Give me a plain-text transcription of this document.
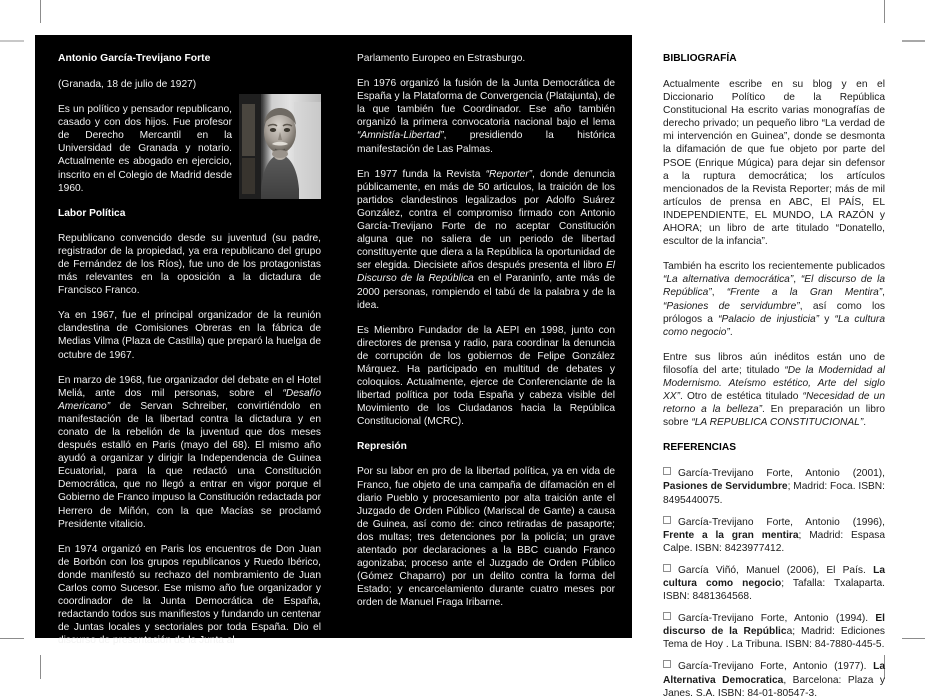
Antonio García-Trevijano Forte
(Granada, 18 de julio de 1927)
Es un político y pensador republicano, casado y con dos hijos. Fue profesor de Derecho Mercantil en la Universidad de Granada y notario. Actualmente es abogado en ejercicio, inscrito en el Colegio de Madrid desde 1960.
Labor Política
Republicano convencido desde su juventud (su padre, registrador de la propiedad, ya era republicano del grupo de Fernández de los Ríos), fue uno de los protagonistas más relevantes en la oposición a la dictadura de Francisco Franco.
Ya en 1967, fue el principal organizador de la reunión clandestina de Comisiones Obreras en la fábrica de Medias Vilma (Plaza de Castilla) que preparó la huelga de octubre de 1967.
En marzo de 1968, fue organizador del debate en el Hotel Meliá, ante dos mil personas, sobre el “Desafío Americano” de Servan Schreiber, convirtiéndolo en manifestación de la libertad contra la dictadura y en conato de la rebelión de la juventud que dos meses después estalló en Paris (mayo del 68). El mismo año ayudó a organizar y dirigir la Independencia de Guinea Ecuatorial, para la que redactó una Constitución Democrática, que no llegó a entrar en vigor porque el Gobierno de Franco impuso la Constitución redactada por Herrero de Miñón, con la que Macías se proclamó Presidente vitalicio.
En 1974 organizó en Paris los encuentros de Don Juan de Borbón con los grupos republicanos y Ruedo Ibérico, donde manifestó su rechazo del nombramiento de Juan Carlos como Sucesor. Ese mismo año fue organizador y coordinador de la Junta Democrática de España, redactando todos sus manifiestos y fundando un centenar de Juntas locales y sectoriales por toda España. Dio el discurso de presentación de la Junta al
Parlamento Europeo en Estrasburgo.
En 1976 organizó la fusión de la Junta Democrática de España y la Plataforma de Convergencia (Platajunta), de la que también fue Coordinador. Ese año también organizó la primera convocatoria nacional bajo el lema “Amnistía-Libertad”, presidiendo la histórica manifestación de Las Palmas.
En 1977 funda la Revista “Reporter”, donde denuncia públicamente, en más de 50 articulos, la traición de los partidos clandestinos legalizados por Adolfo Suárez González, contra el compromiso firmado con Antonio García-Trevijano Forte de no aceptar Constitución alguna que no saliera de un periodo de libertad constituyente que diera a la República la oportunidad de ser elegida. Diecisiete años después presenta el libro El Discurso de la República en el Paraninfo, ante más de 2000 personas, rompiendo el tabú de la palabra y de la idea.
Es Miembro Fundador de la AEPI en 1998, junto con directores de prensa y radio, para coordinar la denuncia de corrupción de los gobiernos de Felipe González Márquez. Ha participado en multitud de debates y coloquios. Actualmente, ejerce de Conferenciante de la libertad política por toda España y cabeza visible del Movimiento de los Ciudadanos hacia la República Constitucional (MCRC).
Represión
Por su labor en pro de la libertad política, ya en vida de Franco, fue objeto de una campaña de difamación en el diario Pueblo y procesamiento por alta traición ante el Juzgado de Orden Público (Mariscal de Gante) a causa de Guinea, así como de: cinco retiradas de pasaporte; dos multas; tres detenciones por la policía; un grave atentado por declaraciones a la BBC cuando Franco agonizaba; proceso ante el Juzgado de Orden Público (Gómez Chaparro) por un delito contra la forma del Estado; y encarcelamiento durante cuatro meses por orden de Manuel Fraga Iribarne.
BIBLIOGRAFÍA
Actualmente escribe en su blog y en el Diccionario Político de la República Constitucional Ha escrito varias monografías de derecho privado; un pequeño libro “La verdad de mi intervención en Guinea”, donde se desmonta la difamación de que fue objeto por parte del PSOE (Enrique Múgica) para dejar sin defensor a la ruptura democrática; los artículos mencionados de la Revista Reporter; más de mil artículos de prensa en ABC, El PAÍS, EL INDEPENDIENTE, EL MUNDO, LA RAZÓN y AHORA; un libro de arte titulado “Donatello, escultor de la infancia”.
También ha escrito los recientemente publicados “La alternativa democrática”, “El discurso de la República”, “Frente a la Gran Mentira”, “Pasiones de servidumbre”, así como los prólogos a “Palacio de injusticia” y “La cultura como negocio”.
Entre sus libros aún inéditos están uno de filosofía del arte; titulado “De la Modernidad al Modernismo. Ateísmo estético, Arte del siglo XX”. Otro de estética titulado “Necesidad de un retorno a la belleza”. En preparación un libro sobre “LA REPUBLICA CONSTITUCIONAL”.
REFERENCIAS
García-Trevijano Forte, Antonio (2001), Pasiones de Servidumbre; Madrid: Foca. ISBN: 8495440075.
García-Trevijano Forte, Antonio (1996), Frente a la gran mentira; Madrid: Espasa Calpe. ISBN: 8423977412.
García Viñó, Manuel (2006), El País. La cultura como negocio; Tafalla: Txalaparta. ISBN: 8481364568.
García-Trevijano Forte, Antonio (1994). El discurso de la República; Madrid: Ediciones Tema de Hoy . La Tribuna. ISBN: 84-7880-445-5.
García-Trevijano Forte, Antonio (1977). La Alternativa Democratica, Barcelona: Plaza y Janes. S.A. ISBN: 84-01-80547-3.
